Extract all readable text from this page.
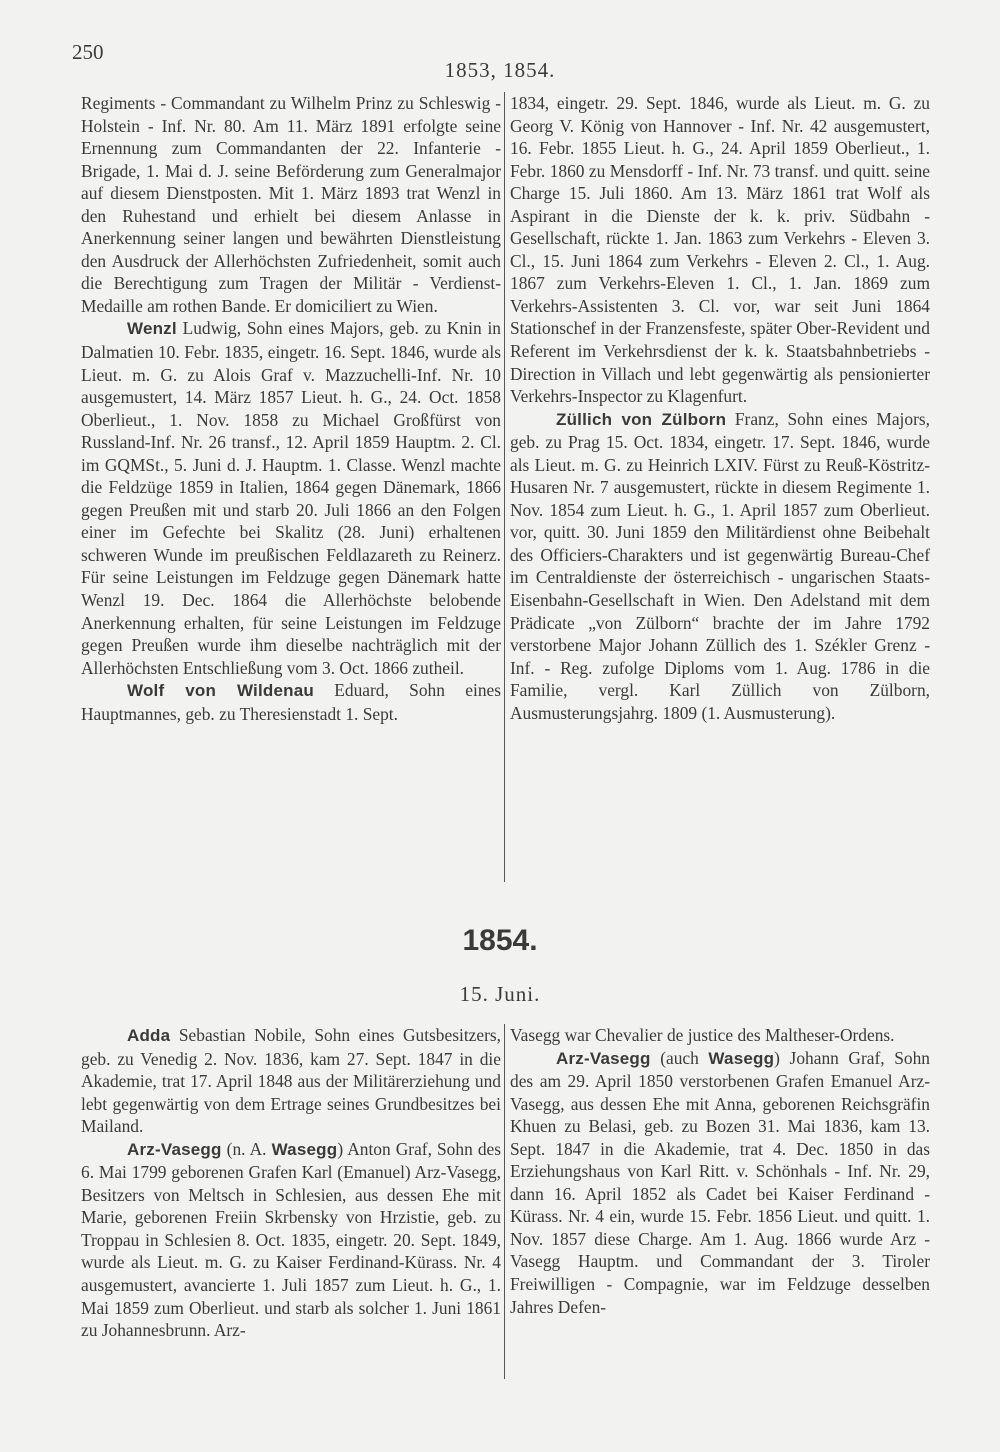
250
1853, 1854.

Regiments - Commandant zu Wilhelm Prinz zu Schleswig - Holstein - Inf. Nr. 80. Am 11. März 1891 erfolgte seine Ernennung zum Commandanten der 22. Infanterie - Brigade, 1. Mai d. J. seine Beförderung zum Generalmajor auf diesem Dienstposten. Mit 1. März 1893 trat Wenzl in den Ruhestand und erhielt bei diesem Anlasse in Anerkennung seiner langen und bewährten Dienstleistung den Ausdruck der Allerhöchsten Zufriedenheit, somit auch die Berechtigung zum Tragen der Militär - Verdienst-Medaille am rothen Bande. Er domiciliert zu Wien.

Wenzl Ludwig, Sohn eines Majors, geb. zu Knin in Dalmatien 10. Febr. 1835, eingetr. 16. Sept. 1846, wurde als Lieut. m. G. zu Alois Graf v. Mazzuchelli-Inf. Nr. 10 ausgemustert, 14. März 1857 Lieut. h. G., 24. Oct. 1858 Oberlieut., 1. Nov. 1858 zu Michael Großfürst von Russland-Inf. Nr. 26 transf., 12. April 1859 Hauptm. 2. Cl. im GQMSt., 5. Juni d. J. Hauptm. 1. Classe. Wenzl machte die Feldzüge 1859 in Italien, 1864 gegen Dänemark, 1866 gegen Preußen mit und starb 20. Juli 1866 an den Folgen einer im Gefechte bei Skalitz (28. Juni) erhaltenen schweren Wunde im preußischen Feldlazareth zu Reinerz. Für seine Leistungen im Feldzuge gegen Dänemark hatte Wenzl 19. Dec. 1864 die Allerhöchste belobende Anerkennung erhalten, für seine Leistungen im Feldzuge gegen Preußen wurde ihm dieselbe nachträglich mit der Allerhöchsten Entschließung vom 3. Oct. 1866 zutheil.

Wolf von Wildenau Eduard, Sohn eines Hauptmannes, geb. zu Theresienstadt 1. Sept.

1834, eingetr. 29. Sept. 1846, wurde als Lieut. m. G. zu Georg V. König von Hannover - Inf. Nr. 42 ausgemustert, 16. Febr. 1855 Lieut. h. G., 24. April 1859 Oberlieut., 1. Febr. 1860 zu Mensdorff - Inf. Nr. 73 transf. und quitt. seine Charge 15. Juli 1860. Am 13. März 1861 trat Wolf als Aspirant in die Dienste der k. k. priv. Südbahn - Gesellschaft, rückte 1. Jan. 1863 zum Verkehrs - Eleven 3. Cl., 15. Juni 1864 zum Verkehrs - Eleven 2. Cl., 1. Aug. 1867 zum Verkehrs-Eleven 1. Cl., 1. Jan. 1869 zum Verkehrs-Assistenten 3. Cl. vor, war seit Juni 1864 Stationschef in der Franzensfeste, später Ober-Revident und Referent im Verkehrsdienst der k. k. Staatsbahnbetriebs - Direction in Villach und lebt gegenwärtig als pensionierter Verkehrs-Inspector zu Klagenfurt.

Züllich von Zülborn Franz, Sohn eines Majors, geb. zu Prag 15. Oct. 1834, eingetr. 17. Sept. 1846, wurde als Lieut. m. G. zu Heinrich LXIV. Fürst zu Reuß-Köstritz-Husaren Nr. 7 ausgemustert, rückte in diesem Regimente 1. Nov. 1854 zum Lieut. h. G., 1. April 1857 zum Oberlieut. vor, quitt. 30. Juni 1859 den Militärdienst ohne Beibehalt des Officiers-Charakters und ist gegenwärtig Bureau-Chef im Centraldienste der österreichisch - ungarischen Staats-Eisenbahn-Gesellschaft in Wien. Den Adelstand mit dem Prädicate „von Zülborn“ brachte der im Jahre 1792 verstorbene Major Johann Züllich des 1. Székler Grenz - Inf. - Reg. zufolge Diploms vom 1. Aug. 1786 in die Familie, vergl. Karl Züllich von Zülborn, Ausmusterungsjahrg. 1809 (1. Ausmusterung).

1854.
15. Juni.

Adda Sebastian Nobile, Sohn eines Gutsbesitzers, geb. zu Venedig 2. Nov. 1836, kam 27. Sept. 1847 in die Akademie, trat 17. April 1848 aus der Militärerziehung und lebt gegenwärtig von dem Ertrage seines Grundbesitzes bei Mailand.

Arz-Vasegg (n. A. Wasegg) Anton Graf, Sohn des 6. Mai 1799 geborenen Grafen Karl (Emanuel) Arz-Vasegg, Besitzers von Meltsch in Schlesien, aus dessen Ehe mit Marie, geborenen Freiin Skrbensky von Hrzistie, geb. zu Troppau in Schlesien 8. Oct. 1835, eingetr. 20. Sept. 1849, wurde als Lieut. m. G. zu Kaiser Ferdinand-Kürass. Nr. 4 ausgemustert, avancierte 1. Juli 1857 zum Lieut. h. G., 1. Mai 1859 zum Oberlieut. und starb als solcher 1. Juni 1861 zu Johannesbrunn. Arz-

Vasegg war Chevalier de justice des Maltheser-Ordens.

Arz-Vasegg (auch Wasegg) Johann Graf, Sohn des am 29. April 1850 verstorbenen Grafen Emanuel Arz-Vasegg, aus dessen Ehe mit Anna, geborenen Reichsgräfin Khuen zu Belasi, geb. zu Bozen 31. Mai 1836, kam 13. Sept. 1847 in die Akademie, trat 4. Dec. 1850 in das Erziehungshaus von Karl Ritt. v. Schönhals - Inf. Nr. 29, dann 16. April 1852 als Cadet bei Kaiser Ferdinand - Kürass. Nr. 4 ein, wurde 15. Febr. 1856 Lieut. und quitt. 1. Nov. 1857 diese Charge. Am 1. Aug. 1866 wurde Arz - Vasegg Hauptm. und Commandant der 3. Tiroler Freiwilligen - Compagnie, war im Feldzuge desselben Jahres Defen-
